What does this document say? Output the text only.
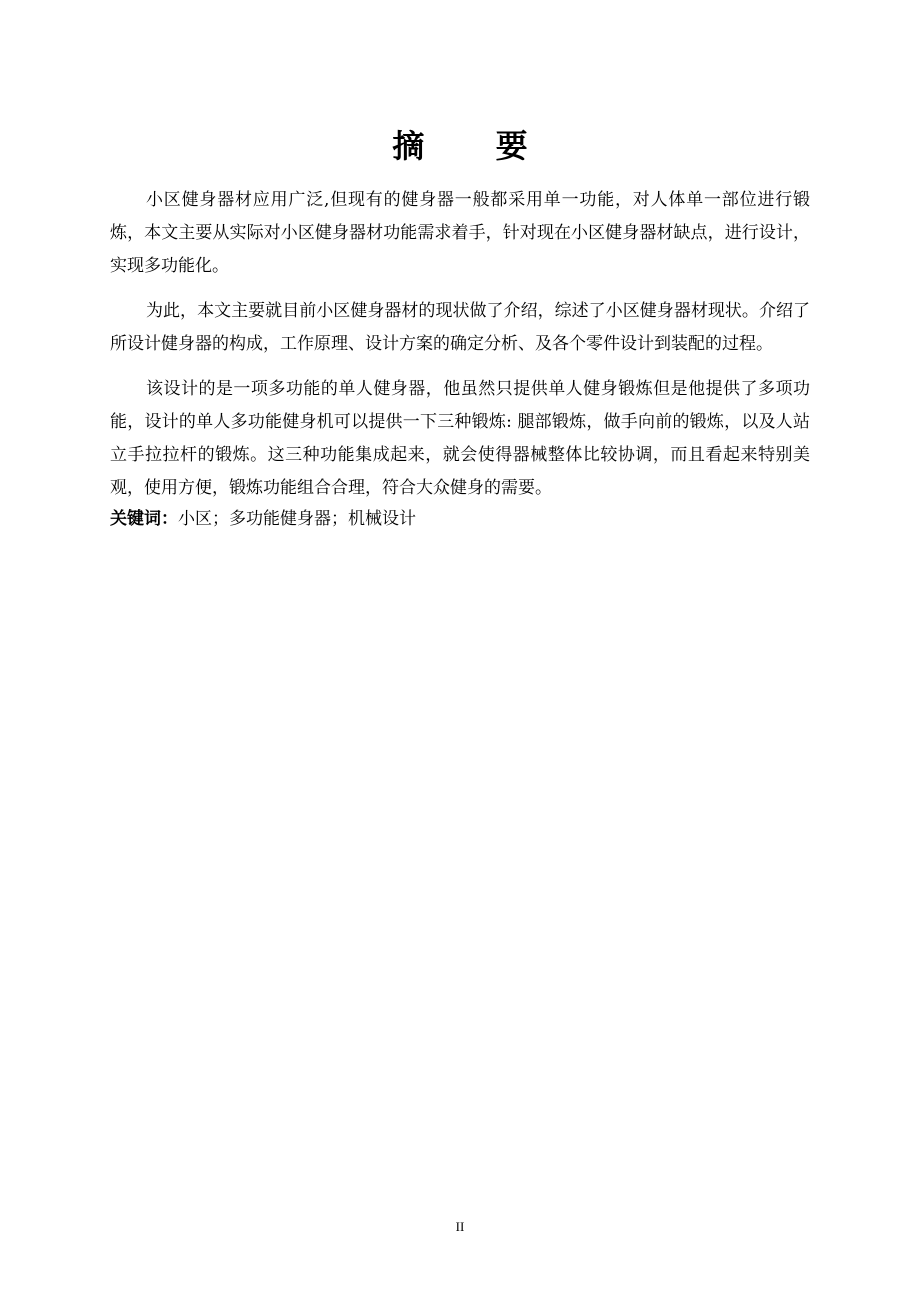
摘 要

小区健身器材应用广泛,但现有的健身器一般都采用单一功能，对人体单一部位进行锻炼，本文主要从实际对小区健身器材功能需求着手，针对现在小区健身器材缺点，进行设计，实现多功能化。

为此，本文主要就目前小区健身器材的现状做了介绍，综述了小区健身器材现状。介绍了所设计健身器的构成，工作原理、设计方案的确定分析、及各个零件设计到装配的过程。

该设计的是一项多功能的单人健身器，他虽然只提供单人健身锻炼但是他提供了多项功能，设计的单人多功能健身机可以提供一下三种锻炼: 腿部锻炼，做手向前的锻炼，以及人站立手拉拉杆的锻炼。这三种功能集成起来，就会使得器械整体比较协调，而且看起来特别美观，使用方便，锻炼功能组合合理，符合大众健身的需要。

关键词：小区；多功能健身器；机械设计
II
